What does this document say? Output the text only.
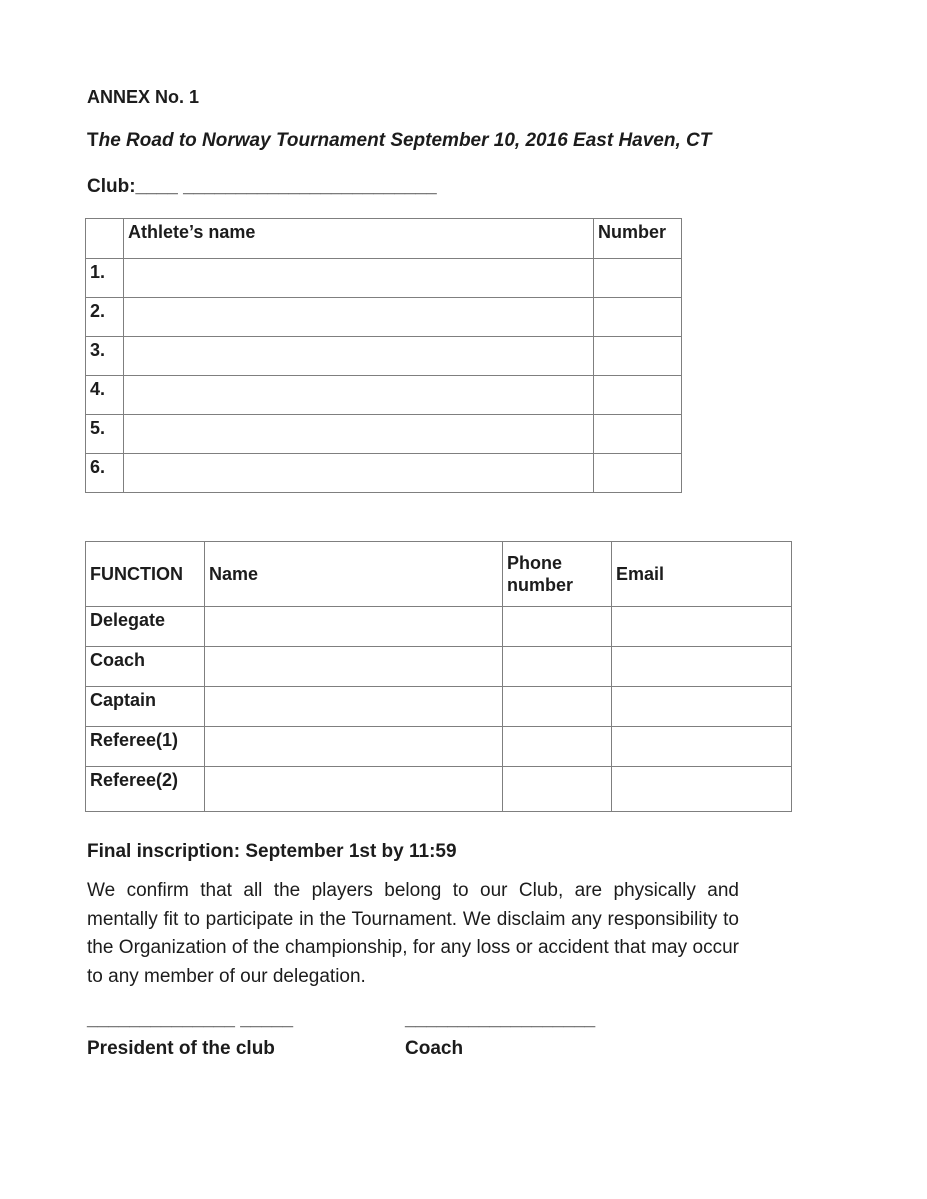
ANNEX No. 1
The Road to Norway Tournament September 10, 2016 East Haven, CT
Club:____ ________________________
	Athlete’s name	Number
1.		
2.		
3.		
4.		
5.		
6.		
FUNCTION	Name	Phone number	Email
Delegate			
Coach			
Captain			
Referee(1)			
Referee(2)			
Final inscription: September 1st by 11:59
We confirm that all the players belong to our Club, are physically and mentally fit to participate in the Tournament. We disclaim any responsibility to the Organization of the championship, for any loss or accident that may occur to any member of our delegation.
______________ _____
President of the club
__________________
Coach
